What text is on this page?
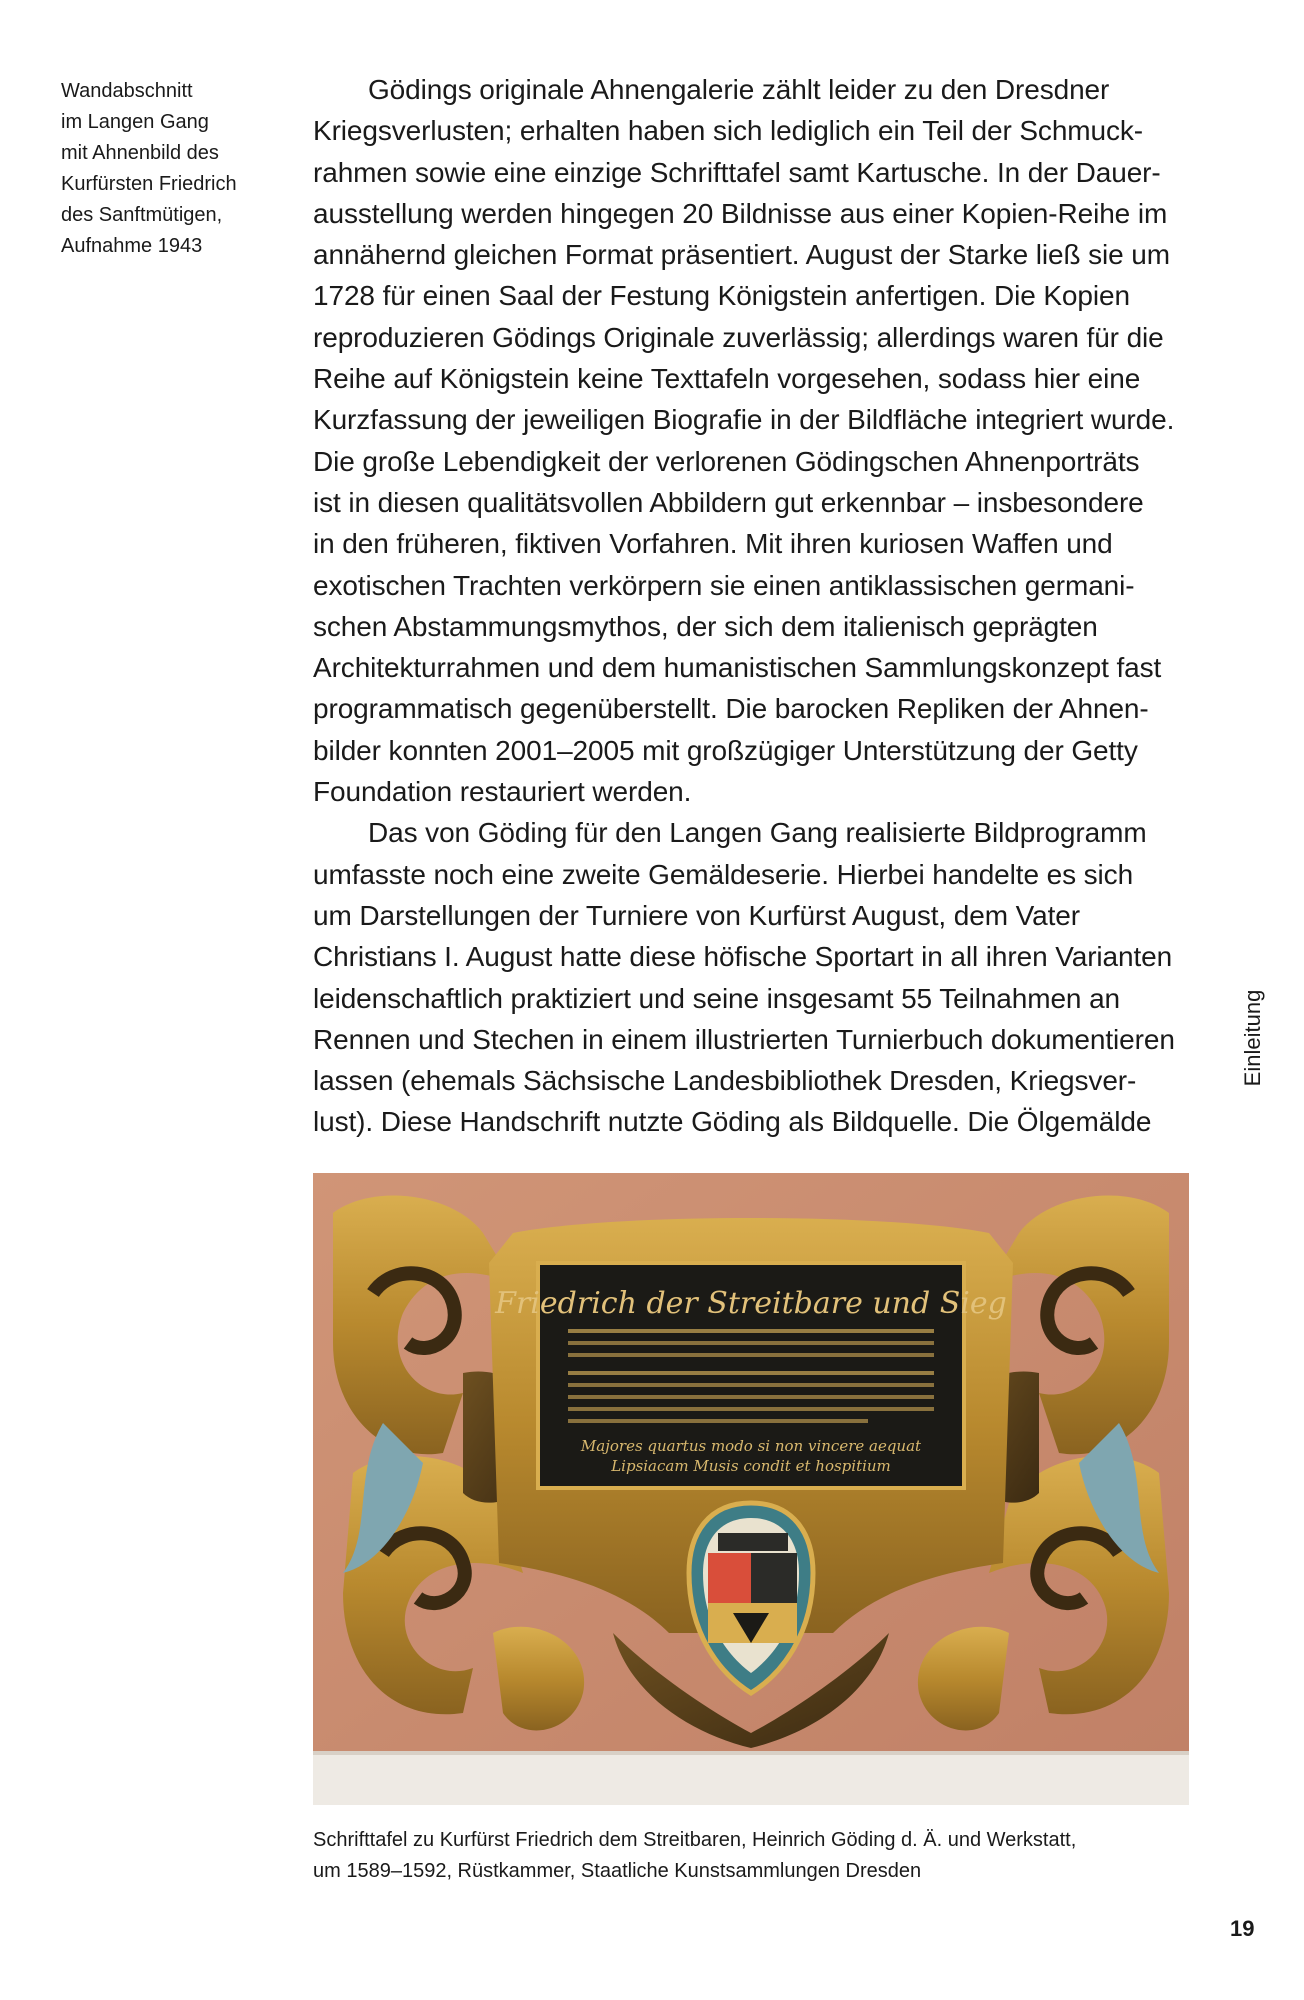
Wandabschnitt
im Langen Gang
mit Ahnenbild des
Kurfürsten Friedrich
des Sanftmütigen,
Aufnahme 1943
Gödings originale Ahnengalerie zählt leider zu den Dresdner
Kriegsverlusten; erhalten haben sich lediglich ein Teil der Schmuck-
rahmen sowie eine einzige Schrifttafel samt Kartusche. In der Dauer-
ausstellung werden hingegen 20 Bildnisse aus einer Kopien-Reihe im
annähernd gleichen Format präsentiert. August der Starke ließ sie um
1728 für einen Saal der Festung Königstein anfertigen. Die Kopien
reproduzieren Gödings Originale zuverlässig; allerdings waren für die
Reihe auf Königstein keine Texttafeln vorgesehen, sodass hier eine
Kurzfassung der jeweiligen Biografie in der Bildfläche integriert wurde.
Die große Lebendigkeit der verlorenen Gödingschen Ahnenporträts
ist in diesen qualitätsvollen Abbildern gut erkennbar – insbesondere
in den früheren, fiktiven Vorfahren. Mit ihren kuriosen Waffen und
exotischen Trachten verkörpern sie einen antiklassischen germani-
schen Abstammungsmythos, der sich dem italienisch geprägten
Architekturrahmen und dem humanistischen Sammlungskonzept fast
programmatisch gegenüberstellt. Die barocken Repliken der Ahnen-
bilder konnten 2001–2005 mit großzügiger Unterstützung der Getty
Foundation restauriert werden.
Das von Göding für den Langen Gang realisierte Bildprogramm
umfasste noch eine zweite Gemäldeserie. Hierbei handelte es sich
um Darstellungen der Turniere von Kurfürst August, dem Vater
Christians I. August hatte diese höfische Sportart in all ihren Varianten
leidenschaftlich praktiziert und seine insgesamt 55 Teilnahmen an
Rennen und Stechen in einem illustrierten Turnierbuch dokumentieren
lassen (ehemals Sächsische Landesbibliothek Dresden, Kriegsver-
lust). Diese Handschrift nutzte Göding als Bildquelle. Die Ölgemälde
Einleitung
Friedrich der Streitbare und Sieg
Majores quartus modo si non vincere aequat
Lipsiacam Musis condit et hospitium
Schrifttafel zu Kurfürst Friedrich dem Streitbaren, Heinrich Göding d. Ä. und Werkstatt,
um 1589–1592, Rüstkammer, Staatliche Kunstsammlungen Dresden
19
